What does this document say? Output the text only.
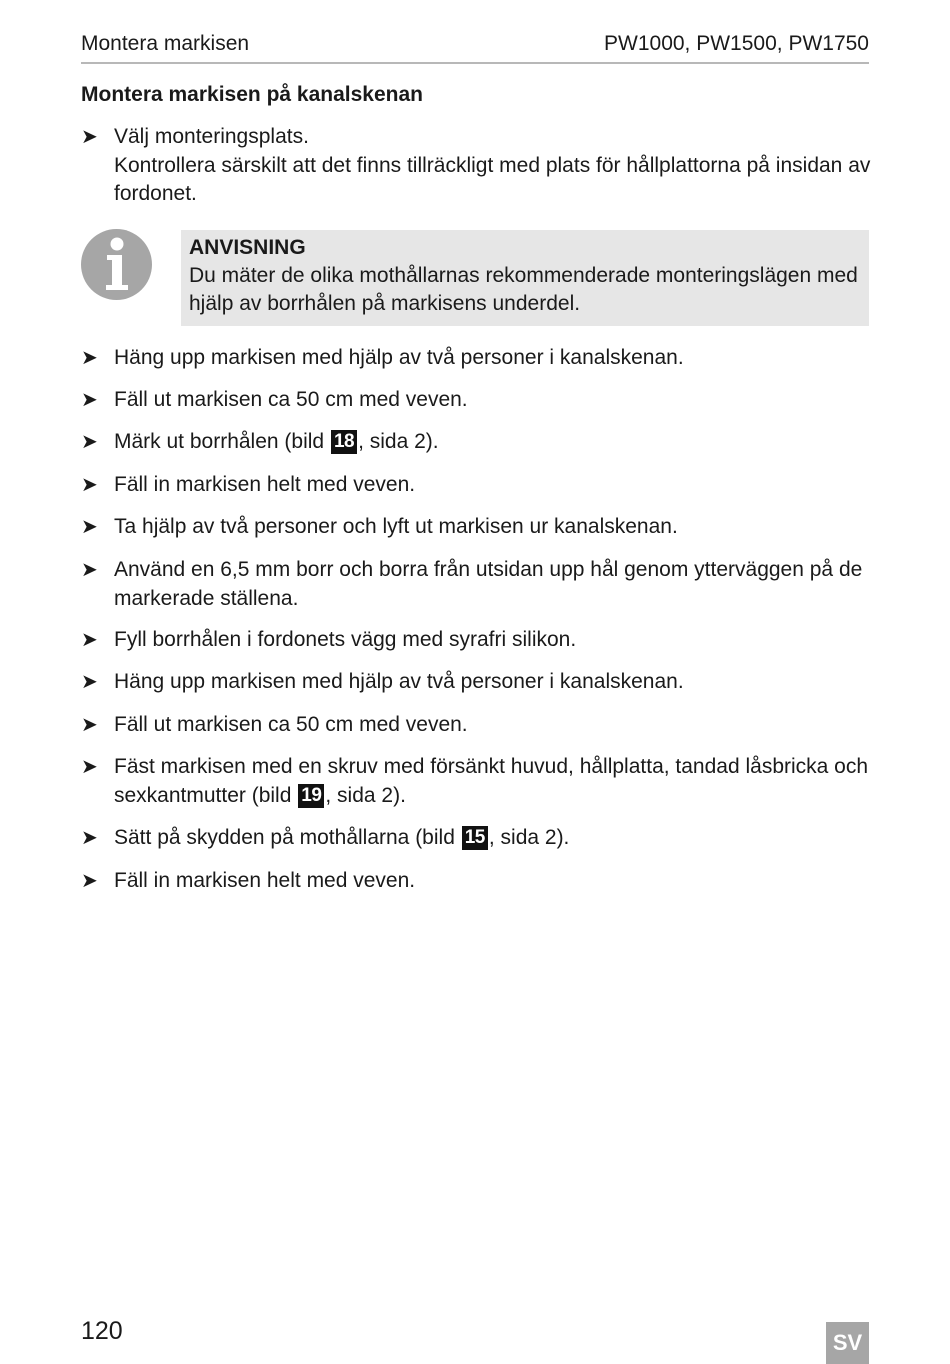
Montera markisen	PW1000, PW1500, PW1750
Montera markisen på kanalskenan
➤ Välj monteringsplats.
Kontrollera särskilt att det finns tillräckligt med plats för hållplattorna på insidan av fordonet.
ANVISNING
Du mäter de olika mothållarnas rekommenderade monteringslägen med hjälp av borrhålen på markisens underdel.
➤ Häng upp markisen med hjälp av två personer i kanalskenan.
➤ Fäll ut markisen ca 50 cm med veven.
➤ Märk ut borrhålen (bild 18 , sida 2).
➤ Fäll in markisen helt med veven.
➤ Ta hjälp av två personer och lyft ut markisen ur kanalskenan.
➤ Använd en 6,5 mm borr och borra från utsidan upp hål genom ytterväggen på de markerade ställena.
➤ Fyll borrhålen i fordonets vägg med syrafri silikon.
➤ Häng upp markisen med hjälp av två personer i kanalskenan.
➤ Fäll ut markisen ca 50 cm med veven.
➤ Fäst markisen med en skruv med försänkt huvud, hållplatta, tandad låsbricka och sexkantmutter (bild 19 , sida 2).
➤ Sätt på skydden på mothållarna (bild 15 , sida 2).
➤ Fäll in markisen helt med veven.
120	SV
